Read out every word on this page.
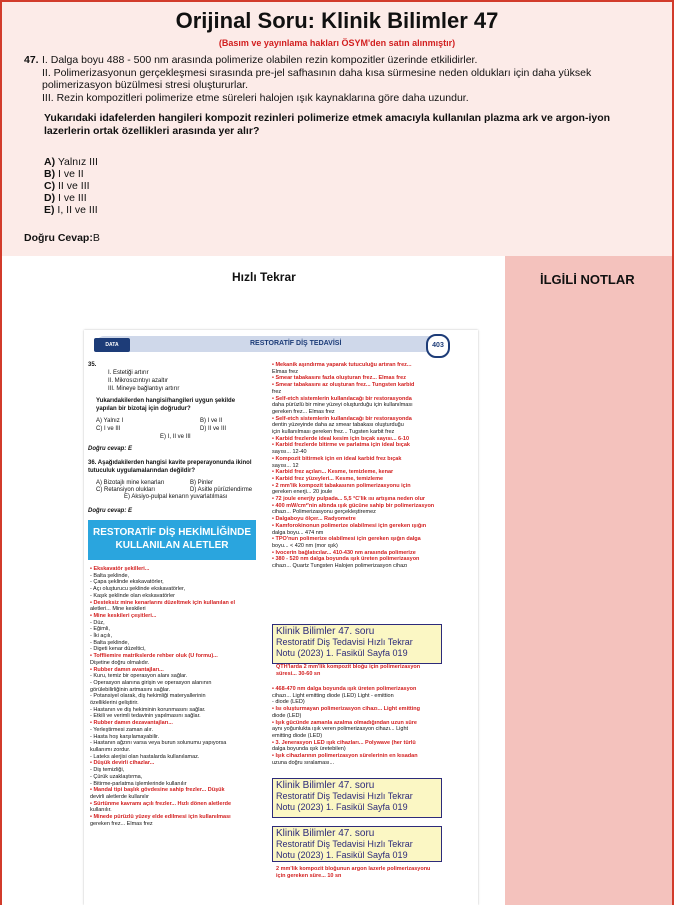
Orijinal Soru: Klinik Bilimler 47
(Basım ve yayınlama hakları ÖSYM'den satın alınmıştır)
47. I. Dalga boyu 488 - 500 nm arasında polimerize olabilen rezin kompozitler üzerinde etkilidirler.
II. Polimerizasyonun gerçekleşmesi sırasında pre-jel safhasının daha kısa sürmesine neden oldukları için daha yüksek
polimerizasyon büzülmesi stresi oluştururlar.
III. Rezin kompozitleri polimerize etme süreleri halojen ışık kaynaklarına göre daha uzundur.
Yukarıdaki idafelerden hangileri kompozit rezinleri polimerize etmek amacıyla kullanılan plazma ark ve argon-iyon lazerlerin ortak özellikleri arasında yer alır?
A) Yalnız III
B) I ve II
C) II ve III
D) I ve III
E) I, II ve III
Doğru Cevap:B
Hızlı Tekrar	İLGİLİ NOTLAR
DATA	RESTORATİF DİŞ TEDAVİSİ	403
35.
I. Estetiği artırır
II. Mikrosızıntıyı azaltır
III. Mineye bağlantıyı artırır
Yukarıdakilerden hangisi/hangileri uygun şekilde yapılan bir bizotaj için doğrudur?
A) Yalnız I	B) I ve II
C) I ve III	D) II ve III
E) I, II ve III
Doğru cevap: E
36. Aşağıdakilerden hangisi kavite preperayonunda ikinol tutuculuk uygulamalarından değildir?
A) Bizotajlı mine kenarları	B) Pinler
C) Retansiyon olukları	D) Asitle pürüzlendirme
E) Aksiyo-pulpal kenarın yuvarlatılması
Doğru cevap: E
RESTORATİF DİŞ HEKİMLİĞİNDE KULLANILAN ALETLER
• Ekskavatör şekilleri...
- Balta şeklinde,
- Çapa şeklinde ekskavatörler,
- Açı oluşturucu şeklinde ekskavatörler,
- Kaşık şeklinde olan ekskavatörler
• Desteksiz mine kenarlarını düzeltmek için kullanılan el
aletleri... Mine keskileri
• Mine keskileri çeşitleri...
- Düz,
- Eğimli,
- İki açılı,
- Balta şeklinde,
- Digeti kenar düzeltici,
• Toffliemire matrikslerde rehber oluk (U formu)...
Dişetine doğru olmalıdır.
• Rubber damın avantajları...
- Kuru, temiz bir operasyon alanı sağlar.
- Operasyon alanına girişin ve operasyon alanının
görülebilirliğinin artmasını sağlar.
- Potansiyel olarak, diş hekimliği materyallerinin
özelliklerini geliştirir.
- Hastanın ve diş hekiminin korunmasını sağlar.
- Etkili ve verimli tedavinin yapılmasını sağlar.
• Rubber damın dezavantajları...
- Yerleştirmesi zaman alır.
- Hasta hoş karşılamayabilir.
- Hastanın ağzını varsa veya burun solunumu yapıyorsa
kullanımı zordur.
- Lateks alerjisi olan hastalarda kullanılamaz.
• Düşük devirli cihazlar...
- Diş temizliği,
- Çürük uzaklaştırma,
- Bitirme-parlatma işlemlerinde kullanılır
• Mandal tipi başlık gövdesine sahip frezler... Düşük
devirli aletlerde kullanılır
• Sürtünme kavramı açılı frezler... Hızlı dönen aletlerde
kullanılır.
• Minede pürüzlü yüzey elde edilmesi için kullanılması
gereken frez... Elmas frez
• Mekanik aşındırma yaparak tutuculuğu artıran frez...
Elmas frez
• Smear tabakasını fazla oluşturan frez... Elmas frez
• Smear tabakasını az oluşturan frez... Tungsten karbid
frez
• Self-etch sistemlerin kullanılacağı bir restorasyonda
daha pürüzlü bir mine yüzeyi oluşturduğu için kullanılması
gereken frez... Elmas frez
• Self-etch sistemlerin kullanılacağı bir restorasyonda
dentin yüzeyinde daha az smear tabakası oluşturduğu
için kullanılması gereken frez... Tugsten karbit frez
• Karbid frezlerde ideal kesim için bıçak sayısı... 6-10
• Karbid frezlerde bitirme ve parlatma için ideal bıçak
sayısı... 12-40
• Kompozit bitirmek için en ideal karbid frez bıçak
sayısı... 12
• Karbid frez açıları... Kesme, temizleme, kenar
• Karbid frez yüzeyleri... Kesme, temizleme
• 2 mm'lik kompozit tabakasının polimerizasyonu için
gereken enerji... 20 joule
• 72 joule enerjiy pulpada... 5,5 °C'lik ısı artışına neden olur
• 400 mW/cm²'nin altında ışık gücüne sahip bir polimerizasyon
cihazı... Polimerizasyonu gerçekleştiremez
• Dalgaboyu ölçer... Radyometre
• Kamforokinonun polimerize olabilmesi için gereken ışığın
dalga boyu... 474 nm
• TPO'nun polimerize olabilmesi için gereken ışığın dalga
boyu... < 420 nm (mor ışık)
• Ivocerin bağlatıcılar... 410-430 nm arasında polimerize
• 380 - 520 nm dalga boyunda ışık üreten polimerizasyon
cihazı... Quartz Tungsten Halojen polimerizasyon cihazı
• 468-470 nm dalga boyunda ışık üreten polimerizasyon
cihazı... Light emitting diode (LED) Light - emittion
- diode (LED)
• Isı oluşturmayan polimerizasyon cihazı... Light emitting
diode (LED)
• Işık gücünde zamanla azalma olmadığından uzun süre
aynı yoğunlukta ışık veren polimerizasyon cihazı... Light
emitting diode (LED)
• 3. Jenerasyon LED ışık cihazları... Polywave (her türlü
dalga boyunda ışık üretebilen)
• Işık cihazlarının polimerizasyon sürelerinin en kısadan
uzuna doğru sıralaması...
Klinik Bilimler 47. soru
Restoratif Diş Tedavisi Hızlı Tekrar
Notu (2023) 1. Fasikül Sayfa 019
QTH'larda 2 mm'lik kompozit bloğu için polimerizasyon
süresi... 30-60 sn
Klinik Bilimler 47. soru
Restoratif Diş Tedavisi Hızlı Tekrar
Notu (2023) 1. Fasikül Sayfa 019
Klinik Bilimler 47. soru
Restoratif Diş Tedavisi Hızlı Tekrar
Notu (2023) 1. Fasikül Sayfa 019
2 mm'lik kompozit bloğunun argon lazerle polimerizasyonu
için gereken süre... 10 sn
